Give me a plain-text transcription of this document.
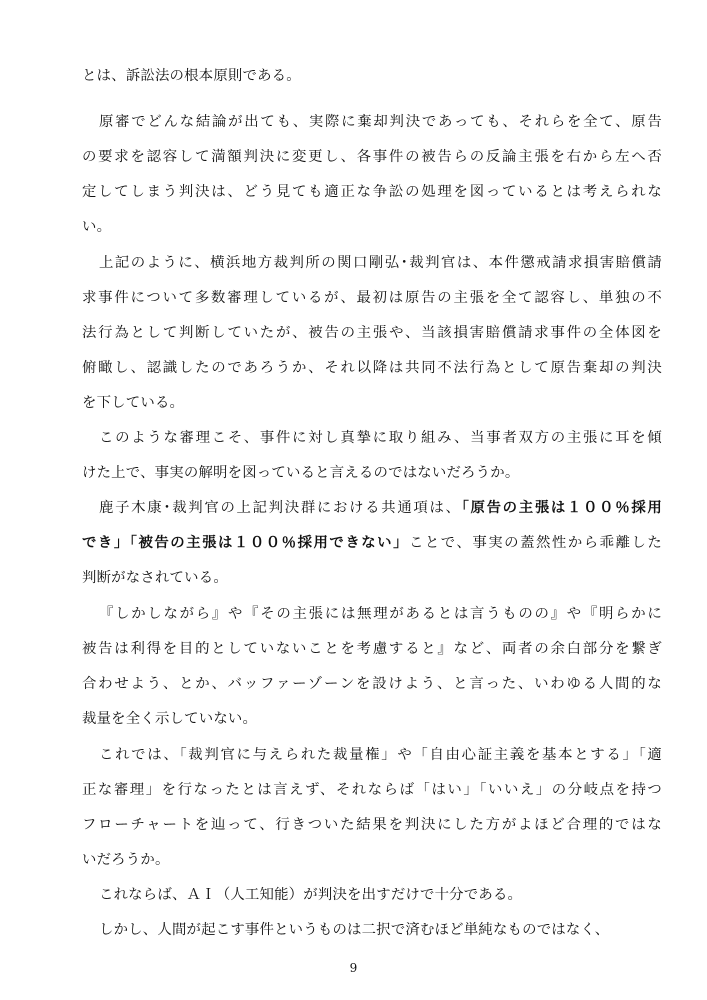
とは、訴訟法の根本原則である。
原審でどんな結論が出ても、実際に棄却判決であっても、それらを全て、原告
の要求を認容して満額判決に変更し、各事件の被告らの反論主張を右から左へ否
定してしまう判決は、どう見ても適正な争訟の処理を図っているとは考えられな
い。
上記のように、横浜地方裁判所の関口剛弘･裁判官は、本件懲戒請求損害賠償請
求事件について多数審理しているが、最初は原告の主張を全て認容し、単独の不
法行為として判断していたが、被告の主張や、当該損害賠償請求事件の全体図を
俯瞰し、認識したのであろうか、それ以降は共同不法行為として原告棄却の判決
を下している。
このような審理こそ、事件に対し真摯に取り組み、当事者双方の主張に耳を傾
けた上で、事実の解明を図っていると言えるのではないだろうか。
鹿子木康･裁判官の上記判決群における共通項は、「原告の主張は１００％採用
でき」「被告の主張は１００％採用できない」ことで、事実の蓋然性から乖離した
判断がなされている。
『しかしながら』や『その主張には無理があるとは言うものの』や『明らかに
被告は利得を目的としていないことを考慮すると』など、両者の余白部分を繋ぎ
合わせよう、とか、バッファーゾーンを設けよう、と言った、いわゆる人間的な
裁量を全く示していない。
これでは、「裁判官に与えられた裁量権」や「自由心証主義を基本とする」「適
正な審理」を行なったとは言えず、それならば「はい」「いいえ」の分岐点を持つ
フローチャートを辿って、行きついた結果を判決にした方がよほど合理的ではな
いだろうか。
これならば、ＡＩ（人工知能）が判決を出すだけで十分である。
しかし、人間が起こす事件というものは二択で済むほど単純なものではなく、
9
